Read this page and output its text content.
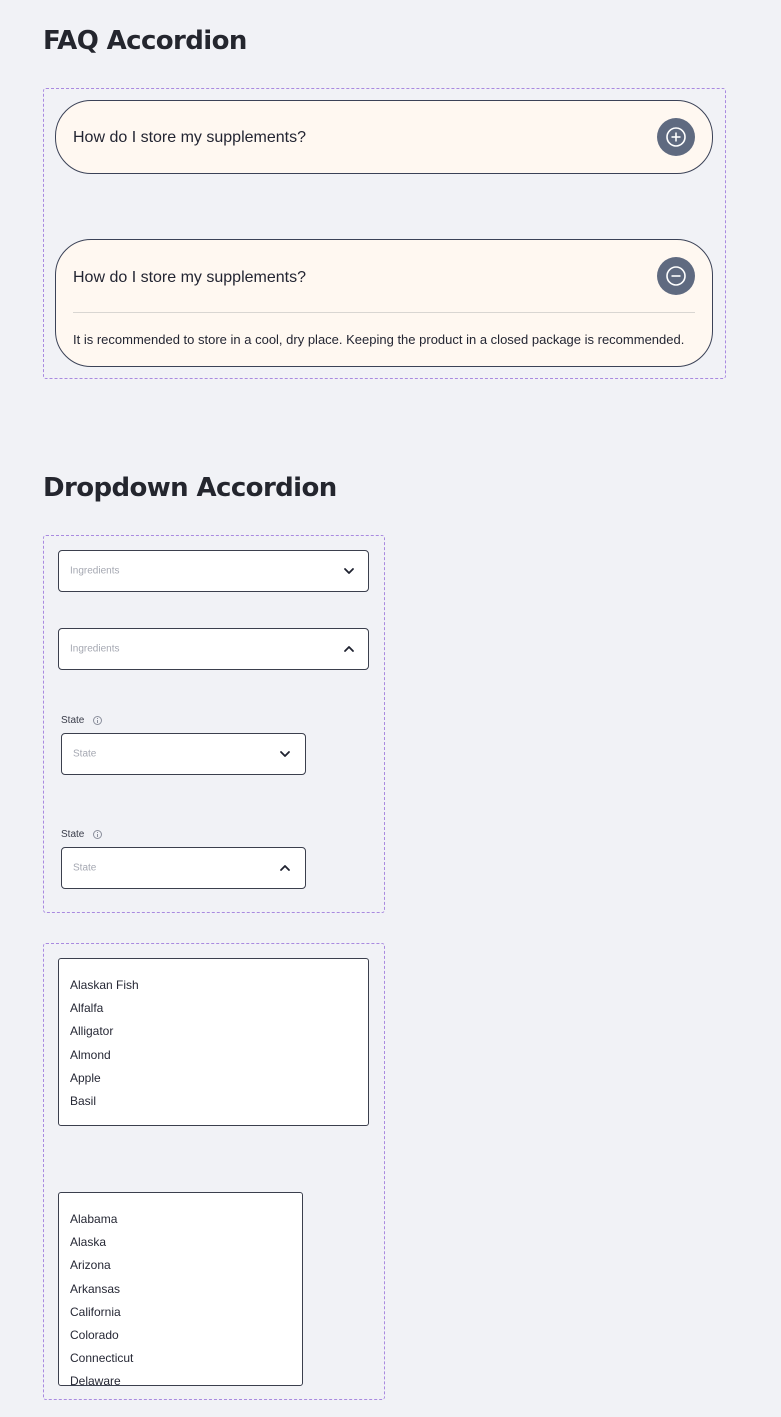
FAQ Accordion
How do I store my supplements?
How do I store my supplements?
It is recommended to store in a cool, dry place. Keeping the product in a closed package is recommended.
Dropdown Accordion
Ingredients
Ingredients
State
State
State
State
Alaskan Fish
Alfalfa
Alligator
Almond
Apple
Basil
Alabama
Alaska
Arizona
Arkansas
California
Colorado
Connecticut
Delaware
